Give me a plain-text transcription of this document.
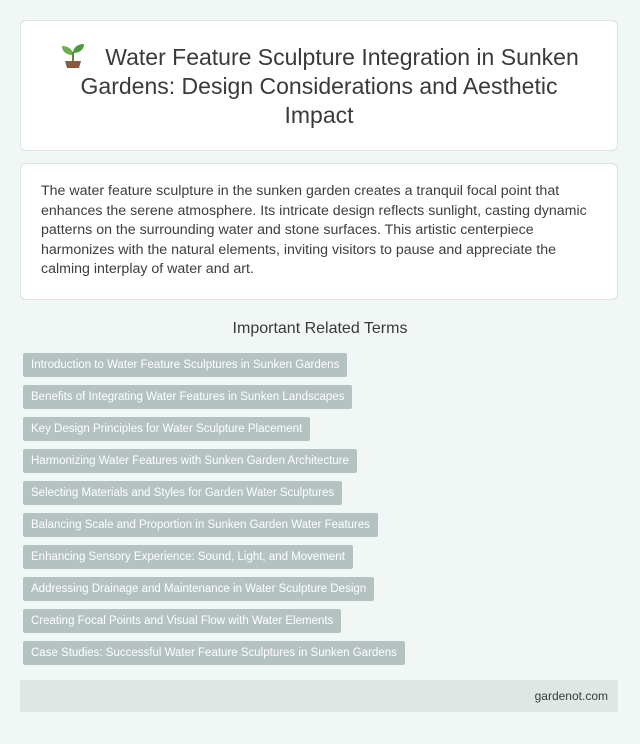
Water Feature Sculpture Integration in Sunken Gardens: Design Considerations and Aesthetic Impact

The water feature sculpture in the sunken garden creates a tranquil focal point that enhances the serene atmosphere. Its intricate design reflects sunlight, casting dynamic patterns on the surrounding water and stone surfaces. This artistic centerpiece harmonizes with the natural elements, inviting visitors to pause and appreciate the calming interplay of water and art.

Important Related Terms
Introduction to Water Feature Sculptures in Sunken Gardens
Benefits of Integrating Water Features in Sunken Landscapes
Key Design Principles for Water Sculpture Placement
Harmonizing Water Features with Sunken Garden Architecture
Selecting Materials and Styles for Garden Water Sculptures
Balancing Scale and Proportion in Sunken Garden Water Features
Enhancing Sensory Experience: Sound, Light, and Movement
Addressing Drainage and Maintenance in Water Sculpture Design
Creating Focal Points and Visual Flow with Water Elements
Case Studies: Successful Water Feature Sculptures in Sunken Gardens
gardenot.com
